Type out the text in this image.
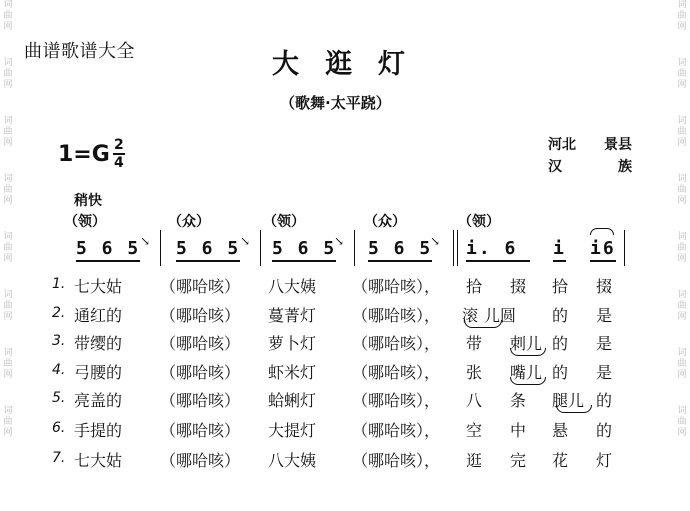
词
曲
网
词
曲
网
词
曲
网
词
曲
网
词
曲
网
词
曲
网
词
曲
网
词
曲
网
词
曲
网
词
曲
网
词
曲
网
词
曲
网
词
曲
网
词
曲
网
词
曲
网
词
曲
网
曲谱歌谱大全	大逛灯
（歌舞·太平跷）
1=G 2
4
河北 景县
汉	族
稍快
（领）	（众）	（领）	（众）	（领）
5 6 5 ↘ 5 6 5 ↘ 5 6 5
↘ 5 6 5
↘ i. 6	i i6
1. 七大姑 （哪哈咳） 八大姨 （哪哈咳）， 拾 掇 拾 掇
2. 通红的 （哪哈咳） 蔓菁灯 （哪哈咳）， 滚 儿圆 的 是
3. 带缨的 （哪哈咳） 萝卜灯 （哪哈咳）， 带 刺儿 的 是
4. 弓腰的 （哪哈咳） 虾米灯 （哪哈咳）， 张 嘴儿 的 是
5. 亮盖的 （哪哈咳） 蛤蜊灯 （哪哈咳）， 八 条 腿儿 的
6. 手提的 （哪哈咳） 大提灯 （哪哈咳）， 空 中 悬 的
7. 七大姑 （哪哈咳） 八大姨 （哪哈咳）， 逛 完 花 灯
